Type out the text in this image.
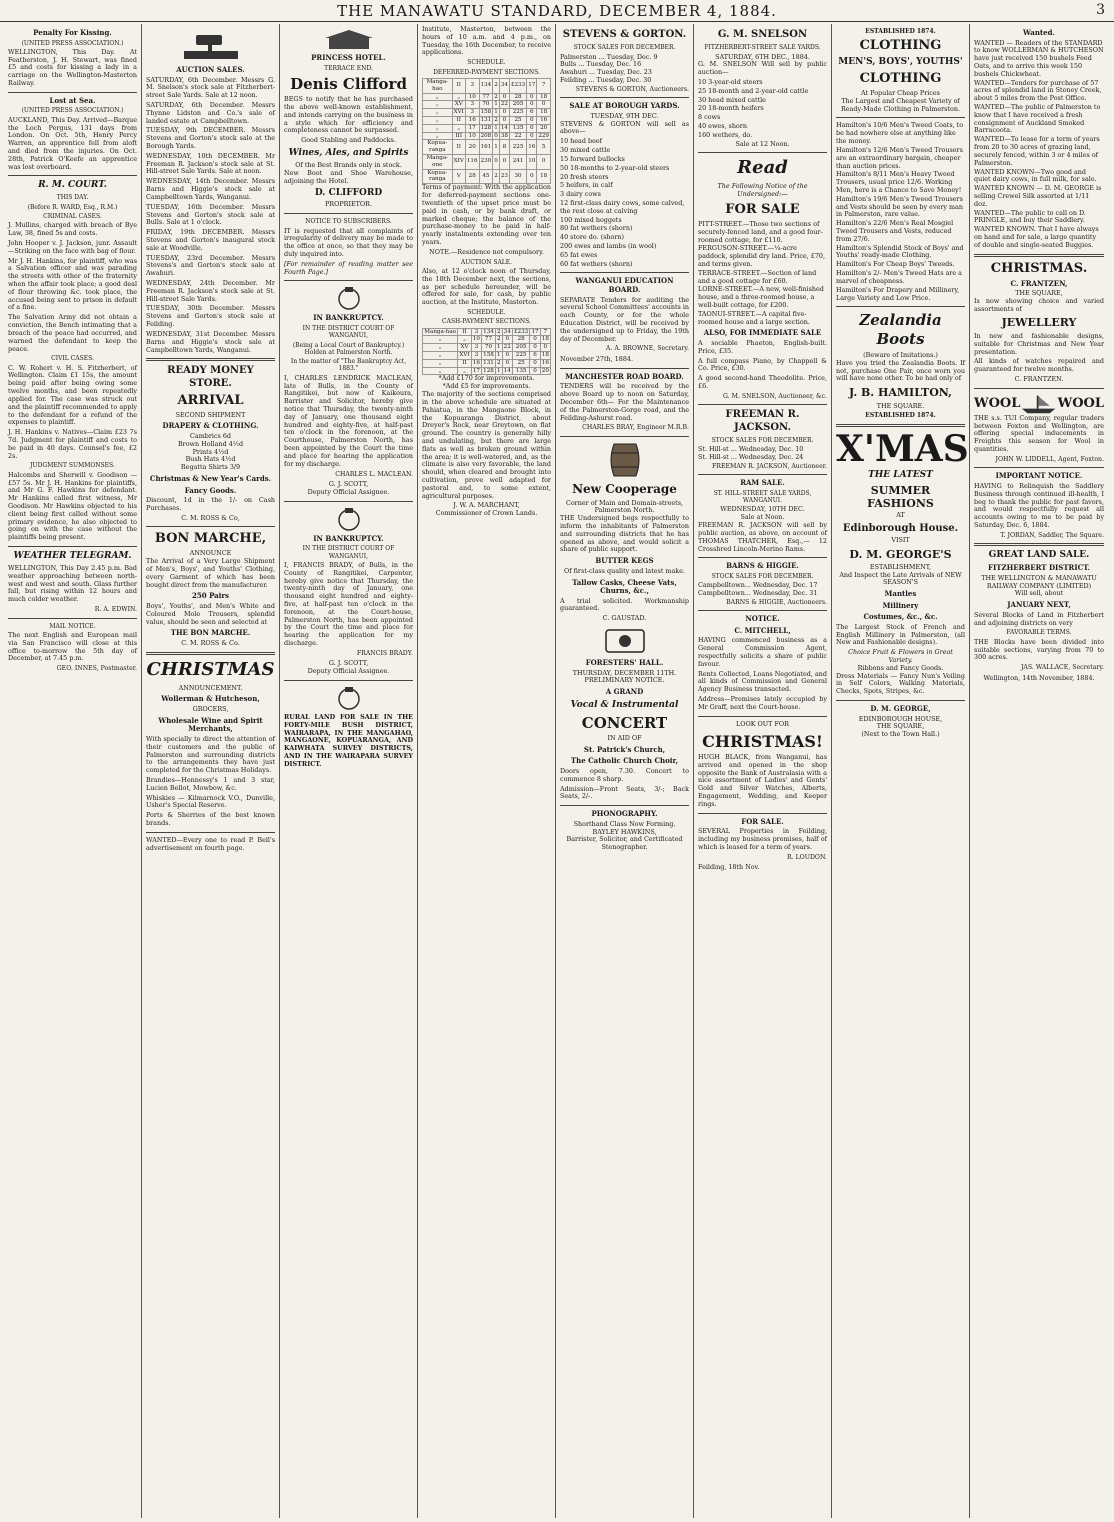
THE MANAWATU STANDARD, DECEMBER 4, 1884.	3
Penalty For Kissing.
(UNITED PRESS ASSOCIATION.)

WELLINGTON, This Day. At Featherston, J. H. Stewart, was fined £5 and costs for kissing a lady in a carriage on the Wellington-Masterton Railway.

Lost at Sea.
(UNITED PRESS ASSOCIATION.)

AUCKLAND, This Day. Arrived—Barque the Loch Pergus, 131 days from London. On Oct. 5th, Henry Percy Warren, an apprentice fell from aloft and died from the injuries. On Oct. 28th, Patrick O'Keefe an apprentice was lost overboard.

R. M. COURT.
THIS DAY.
(Before R. WARD, Esq., R.M.)
CRIMINAL CASES.

J. Mullins, charged with breach of Bye Law, 38, fined 5s and costs.

John Hooper v. J. Jackson, junr. Assault—Striking on the face with bag of flour.

Mr J. H. Hankins, for plaintiff, who was a Salvation officer and was parading the streets with other of the fraternity when the affair took place; a good deal of flour throwing &c. took place, the accused being sent to prison in default of a fine.

The Salvation Army did not obtain a conviction, the Bench intimating that a breach of the peace had occurred, and warned the defendant to keep the peace.

CIVIL CASES.

C. W. Robert v. H. S. Fitzherbert, of Wellington. Claim £1 15s, the amount being paid after being owing some twelve months, and been repeatedly applied for. The case was struck out and the plaintiff recommended to apply to the defendant for a refund of the expenses to plaintiff.

J. H. Hankins v. Natives—Claim £23 7s 7d. Judgment for plaintiff and costs to be paid in 40 days. Counsel's fee, £2 2s.

JUDGMENT SUMMONSES.

Halcombs and Sherwill v. Goodison —£57 5s. Mr J. H. Hankins for plaintiffs, and Mr G. F. Hawkins for defendant. Mr Hankins called first witness, Mr Goodison. Mr Hawkins objected to his client being first called without some primary evidence, he also objected to going on with the case without the plaintiffs being present.

WEATHER TELEGRAM.

WELLINGTON, This Day 2.45 p.m. Bad weather approaching between north-west and west and south. Glass further fall, but rising within 12 hours and much colder weather.

R. A. EDWIN.
MAIL NOTICE.

The next English and European mail via San Francisco will close at this office to-morrow the 5th day of December, at 7.45 p.m.

GEO. INNES, Postmaster.
AUCTION SALES.

SATURDAY, 6th December. Messrs G. M. Snelson's stock sale at Fitzherbert-street Sale Yards. Sale at 12 noon.

SATURDAY, 6th December. Messrs Thynne Lidston and Co.'s sale of landed estate at Campbelltown.

TUESDAY, 9th DECEMBER. Messrs Stevens and Gorton's stock sale at the Borough Yards.

WEDNESDAY, 10th DECEMBER. Mr Freeman R. Jackson's stock sale at St. Hill-street Sale Yards. Sale at noon.

WEDNESDAY, 14th December. Messrs Barns and Higgie's stock sale at Campbelltown Yards, Wanganui.

TUESDAY, 16th December. Messrs Stevens and Gorton's stock sale at Bulls. Sale at 1 o'clock.

FRIDAY, 19th DECEMBER. Messrs Stevens and Gorton's inaugural stock sale at Woodville.

TUESDAY, 23rd December. Messrs Stevens's and Gorton's stock sale at Awahuri.

WEDNESDAY, 24th December. Mr Freeman R. Jackson's stock sale at St. Hill-street Sale Yards.

TUESDAY, 30th December. Messrs Stevens and Gorton's stock sale at Feilding.

WEDNESDAY, 31st December. Messrs Barns and Higgie's stock sale at Campbelltown Yards, Wanganui.

READY MONEY STORE.
ARRIVAL
SECOND SHIPMENT
DRAPERY & CLOTHING.
Cambrics 6d
Brown Holland 4½d
Prints 4½d
Bush Hats 4½d
Regatta Shirts 3/9
Christmas & New Year's Cards.
Fancy Goods.

Discount, 1d in the 1/- on Cash Purchases.

C. M. ROSS & Co,
BON MARCHE,
ANNOUNCE

The Arrival of a Very Large Shipment of Men's, Boys', and Youths' Clothing, every Garment of which has been bought direct from the manufacturer.

250 Pairs

Boys', Youths', and Men's White and Coloured Mole Trousers, splendid value, should be seen and selected at

THE BON MARCHE.
C. M. ROSS & Co.
CHRISTMAS
ANNOUNCEMENT.
Wollerman & Hutcheson,
GROCERS,
Wholesale Wine and Spirit Merchants,

With specially to direct the attention of their customers and the public of Palmerston and surrounding districts to the arrangements they have just completed for the Christmas Holidays.

Brandies—Hennessy's 1 and 3 star, Lucien Bellot, Mowbow, &c.

Whiskies — Kilmarnock V.O., Dunville, Usher's Special Reserve.

Ports & Sherries of the best known brands.

WANTED—Every one to read P. Bell's advertisement on fourth page.

PRINCESS HOTEL.
TERRACE END.
Denis Clifford

BEGS to notify that he has purchased the above well-known establishment, and intends carrying on the business in a style which for efficiency and completeness cannot be surpassed.

Good Stabling and Paddocks.
Wines, Ales, and Spirits
Of the Best Brands only in stock.

New Boot and Shoe Warehouse, adjoining the Hotel.

D. CLIFFORD
PROPRIETOR.
NOTICE TO SUBSCRIBERS.

IT is requested that all complaints of irregularity of delivery may be made to the office at once, so that they may be duly inquired into.

[For remainder of reading matter see Fourth Page.]

IN BANKRUPTCY.
IN THE DISTRICT COURT OF WANGANUI,
(Being a Local Court of Bankruptcy.) Holden at Palmerston North.
In the matter of "The Bankruptcy Act, 1883."

I, CHARLES LENDRICK MACLEAN, late of Bulls, in the County of Rangitikei, but now of Kaikoura, Barrister and Solicitor, hereby give notice that Thursday, the twenty-ninth day of January, one thousand eight hundred and eighty-five, at half-past ten o'clock in the forenoon, at the Courthouse, Palmerston North, has been appointed by the Court the time and place for hearing the application for my discharge.

CHARLES L. MACLEAN.
G. J. SCOTT,
Deputy Official Assignee.
IN BANKRUPTCY.
IN THE DISTRICT COURT OF WANGANUI,

I, FRANCIS BRADY, of Bulls, in the County of Rangitikei, Carpenter, hereby give notice that Thursday, the twenty-ninth day of January, one thousand eight hundred and eighty-five, at half-past ten o'clock in the forenoon, at the Court-house, Palmerston North, has been appointed by the Court the time and place for hearing the application for my discharge.

FRANCIS BRADY.
G. J. SCOTT,
Deputy Official Assignee.

RURAL LAND FOR SALE IN THE FORTY-MILE BUSH DISTRICT, WAIRARAPA, IN THE MANGAHAO, MANGAONE, KOPUARANGA, AND KAIWHATA SURVEY DISTRICTS, AND IN THE WAIRAPARA SURVEY DISTRICT.

Institute, Masterton, between the hours of 10 a.m. and 4 p.m., on Tuesday, the 16th December, to receive applications.

SCHEDULE.
DEFERRED-PAYMENT SECTIONS.
Manga-hao	II	3	134	2	34	£233	17	7
„	„	10	77	2	0	28	0	18
„	XV	3	70	1	22	205	0	0
„	XVI	3	158	1	0	225	6	18
„	II	16	131	2	0	25	0	16
„	„	17	128	1	14	135	0	20
„	III	10	208	0	38	22	0	229
Kopua-ranga	II	20	161	1	8	225	16	5
Manga-one	XIV	116	230	0	0	241	10	0
Kopua-ranga	V	28	45	2	23	30	0	18

Terms of payment: With the application for deferred-payment sections one-twentieth of the upset price must be paid in cash, or by bank draft, or marked cheque; the balance of the purchase-money to be paid in half-yearly instalments extending over ten years.

NOTE.—Residence not compulsory.
AUCTION SALE.

Also, at 12 o'clock noon of Thursday, the 18th December next, the sections, as per schedule hereunder, will be offered for sale, for cash, by public auction, at the Institute, Masterton.

SCHEDULE.
CASH-PAYMENT SECTIONS.
Manga-hao	II	3	134	2	34	£233	17	7
„	„	10	77	2	0	28	0	18
„	XV	3	70	1	22	205	0	0
„	XVI	3	158	1	0	225	6	18
„	II	16	131	2	0	25	0	16
„	„	17	128	1	14	135	0	20
*Add £170 for improvements.
*Add £5 for improvements.

The majority of the sections comprised in the above schedule are situated at Pahiatua, in the Mangaone Block, in the Kopuaranga District, about Dreyer's Rock, near Greytown, on flat ground. The country is generally hilly and undulating, but there are large flats as well as broken ground within the area; it is well-watered, and, as the climate is also very favorable, the land should, when cleared and brought into cultivation, prove well adapted for pastoral and, to some extent, agricultural purposes.

J. W. A. MARCHANT,
Commissioner of Crown Lands.
STEVENS & GORTON.
STOCK SALES FOR DECEMBER.
Palmerston ... Tuesday, Dec. 9
Bulls ... Tuesday, Dec. 16
Awahuri ... Tuesday, Dec. 23
Feilding ... Tuesday, Dec. 30
STEVENS & GORTON, Auctioneers.
SALE AT BOROUGH YARDS.
TUESDAY, 9TH DEC.

STEVENS & GORTON will sell as above—

10 head beef
30 mixed cattle
15 forward bullocks
50 18-months to 2-year-old steers
20 fresh steers
5 heifers, in calf
3 dairy cows
12 first-class dairy cows, some calved, the rest close at calving
100 mixed hoggets
80 fat wethers (shorn)
40 store do. (shorn)
200 ewes and lambs (in wool)
65 fat ewes
60 fat wethers (shorn)
WANGANUI EDUCATION BOARD.

SEPARATE Tenders for auditing the several School Committees' accounts in each County, or for the whole Education District, will be received by the undersigned up to Friday, the 19th day of December.

A. A. BROWNE, Secretary.
November 27th, 1884.
MANCHESTER ROAD BOARD.

TENDERS will be received by the above Board up to noon on Saturday, December 6th— For the Maintenance of the Palmerston-Gorge road, and the Feilding-Ashurst road.

CHARLES BRAY, Engineer M.R.B.
New Cooperage
Corner of Main and Domain-streets, Palmerston North.

THE Undersigned begs respectfully to inform the inhabitants of Palmerston and surrounding districts that he has opened as above, and would solicit a share of public support.

BUTTER KEGS
Of first-class quality and latest make.
Tallow Casks, Cheese Vats, Churns, &c.,

A trial solicited. Workmanship guaranteed.

C. GAUSTAD.
FORESTERS' HALL.
THURSDAY, DECEMBER 11TH.
PRELIMINARY NOTICE.
A GRAND
Vocal & Instrumental
CONCERT
IN AID OF
St. Patrick's Church,
The Catholic Church Choir,

Doors open, 7.30. Concert to commence 8 sharp.

Admission—Front Seats, 3/-; Back Seats, 2/-.

PHONOGRAPHY.
Shorthand Class Now Forming.
BAYLEY HAWKINS,
Barrister, Solicitor, and Certificated Stenographer.
G. M. SNELSON
FITZHERBERT-STREET SALE YARDS.
SATURDAY, 6TH DEC., 1884.

G. M. SNELSON Will sell by public auction—

10 3-year-old steers
25 18-month and 2-year-old cattle
30 head mixed cattle
20 18-month heifers
8 cows
40 ewes, shorn
160 wethers, do.
Sale at 12 Noon.
Read
The Following Notice of the Undersigned:—
FOR SALE
PITT-STREET.—Those two sections of securely-fenced land, and a good four-roomed cottage, for £110.
FERGUSON-STREET.—¼-acre paddock, splendid dry land. Price, £70, and terms given.
TERRACE-STREET.—Section of land and a good cottage for £60.
LORNE-STREET.—A new, well-finished house, and a three-roomed house, a well-built cottage, for £200.
TAONUI-STREET.—A capital five-roomed house and a large section.
ALSO, FOR IMMEDIATE SALE

A sociable Phaeton, English-built. Price, £35.

A full compass Piano, by Chappell & Co. Price, £30.

A good second-hand Theodolite. Price, £6.

G. M. SNELSON, Auctioneer, &c.
FREEMAN R. JACKSON.
STOCK SALES FOR DECEMBER.
St. Hill-st ... Wednesday, Dec. 10
St. Hill-st ... Wednesday, Dec. 24
FREEMAN R. JACKSON, Auctioneer.
RAM SALE.
ST. HILL-STREET SALE YARDS, WANGANUI.
WEDNESDAY, 10TH DEC.
Sale at Noon.

FREEMAN R. JACKSON will sell by public auction, as above, on account of THOMAS THATCHER, Esq.,— 12 Crossbred Lincoln-Merino Rams.

BARNS & HIGGIE.
STOCK SALES FOR DECEMBER.
Campbelltown... Wednesday, Dec. 17
Campbelltown... Wednesday, Dec. 31
BARNS & HIGGIE, Auctioneers.
NOTICE.
C. MITCHELL,

HAVING commenced business as a General Commission Agent, respectfully solicits a share of public favour.

Rents Collected, Loans Negotiated, and all kinds of Commission and General Agency Business transacted.

Address—Premises lately occupied by Mr Graff, next the Court-house.

LOOK OUT FOR
CHRISTMAS!

HUGH BLACK, from Wanganui, has arrived and opened in the shop opposite the Bank of Australasia with a nice assortment of Ladies' and Gents' Gold and Silver Watches, Alberts, Engagement, Wedding, and Keeper rings.

FOR SALE.

SEVERAL Properties in Feilding, including my business premises, half of which is leased for a term of years.

R. LOUDON.
Feilding, 18th Nov.
ESTABLISHED 1874.
CLOTHING
MEN'S, BOYS', YOUTHS'
CLOTHING
At Popular Cheap Prices
The Largest and Cheapest Variety of Ready-Made Clothing in Palmerston.
Hamilton's 10/6 Men's Tweed Coats, to be had nowhere else at anything like the money.
Hamilton's 12/6 Men's Tweed Trousers are an extraordinary bargain, cheaper than auction prices.
Hamilton's 8/11 Men's Heavy Tweed Trousers, usual price 12/6. Working Men, here is a Chance to Save Money!
Hamilton's 19/6 Men's Tweed Trousers and Vests should be seen by every man in Palmerston, rare value.
Hamilton's 22/6 Men's Real Mosgiel Tweed Trousers and Vests, reduced from 27/6.
Hamilton's Splendid Stock of Boys' and Youths' ready-made Clothing.
Hamilton's For Cheap Boys' Tweeds.
Hamilton's 2/- Men's Tweed Hats are a marvel of cheapness.
Hamilton's For Drapery and Millinery, Large Variety and Low Price.
Zealandia Boots
(Beware of Imitations.)

Have you tried the Zealandia Boots. If not, purchase One Pair, once worn you will have none other. To be had only of

J. B. HAMILTON,
THE SQUARE.
ESTABLISHED 1874.
X'MAS
THE LATEST
SUMMER FASHIONS
AT
Edinborough House.
VISIT
D. M. GEORGE'S
ESTABLISHMENT,
And Inspect the Late Arrivals of NEW SEASON'S
Mantles
Millinery
Costumes, &c., &c.

The Largest Stock of French and English Millinery in Palmerston, (all New and Fashionable designs).

Choice Fruit & Flowers in Great Variety.
Ribbons and Fancy Goods.

Dress Materials — Fancy Nun's Veiling in Self Colors, Walking Materials, Checks, Spots, Stripes, &c.

D. M. GEORGE,
EDINBOROUGH HOUSE,
THE SQUARE,
(Next to the Town Hall.)
Wanted.
WANTED — Readers of the STANDARD to know WOLLERMAN & HUTCHESON have just received 150 bushels Feed Oats, and to arrive this week 150 bushels Chickwheat.
WANTED—Tenders for purchase of 57 acres of splendid land in Stoney Creek, about 5 miles from the Post Office.
WANTED—The public of Palmerston to know that I have received a fresh consignment of Auckland Smoked Barracoota.
WANTED—To lease for a term of years from 20 to 30 acres of grazing land, securely fenced, within 3 or 4 miles of Palmerston.
WANTED KNOWN—Two good and quiet dairy cows, in full milk, for sale.
WANTED KNOWN — D. M. GEORGE is selling Crewel Silk assorted at 1/11 doz.
WANTED—The public to call on D. PRINGLE, and buy their Saddlery.
WANTED KNOWN. That I have always on hand and for sale, a large quantity of double and single-seated Buggies.
CHRISTMAS.
C. FRANTZEN,
THE SQUARE,

Is now showing choice and varied assortments of

JEWELLERY

In new and fashionable designs, suitable for Christmas and New Year presentation.

All kinds of watches repaired and guaranteed for twelve months.

C. FRANTZEN.
WOOL	WOOL

THE s.s. TUI Company, regular traders between Foxton and Wellington, are offering special inducements in Freights this season for Wool in quantities.

JOHN W. LIDDELL, Agent, Foxton.
IMPORTANT NOTICE.

HAVING to Relinquish the Saddlery Business through continued ill-health, I beg to thank the public for past favors, and would respectfully request all accounts owing to me to be paid by Saturday, Dec. 6, 1884.

T. JORDAN, Saddler, The Square.
GREAT LAND SALE.
FITZHERBERT DISTRICT.
THE WELLINGTON & MANAWATU RAILWAY COMPANY (LIMITED)
Will sell, about
JANUARY NEXT,

Several Blocks of Land in Fitzherbert and adjoining districts on very

FAVORABLE TERMS.

THE Blocks have been divided into suitable sections, varying from 70 to 300 acres.

JAS. WALLACE, Secretary.
Wellington, 14th November, 1884.
